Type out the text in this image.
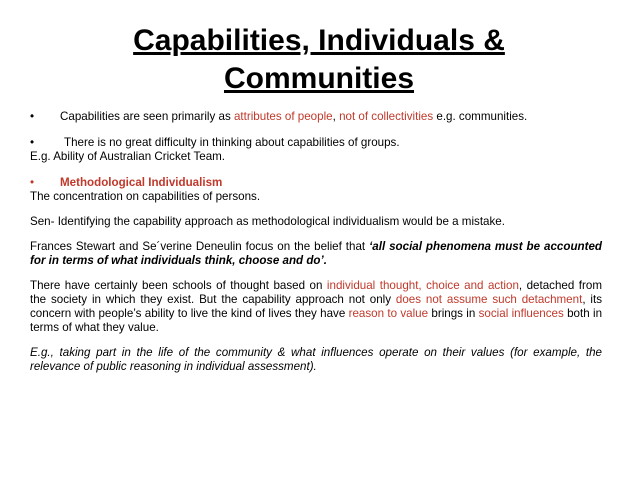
Capabilities, Individuals &
Communities
•	Capabilities are seen primarily as attributes of people, not of collectivities e.g. communities.
•	There is no great difficulty in thinking about capabilities of groups.
E.g. Ability of Australian Cricket Team.
•	Methodological Individualism
The concentration on capabilities of persons.
Sen- Identifying the capability approach as methodological individualism would be a mistake.
Frances Stewart and Se´verine Deneulin focus on the belief that ‘all social phenomena must be accounted for in terms of what individuals think, choose and do’.
There have certainly been schools of thought based on individual thought, choice and action, detached from the society in which they exist. But the capability approach not only does not assume such detachment, its concern with people’s ability to live the kind of lives they have reason to value brings in social influences both in terms of what they value.
E.g., taking part in the life of the community & what influences operate on their values (for example, the relevance of public reasoning in individual assessment).
